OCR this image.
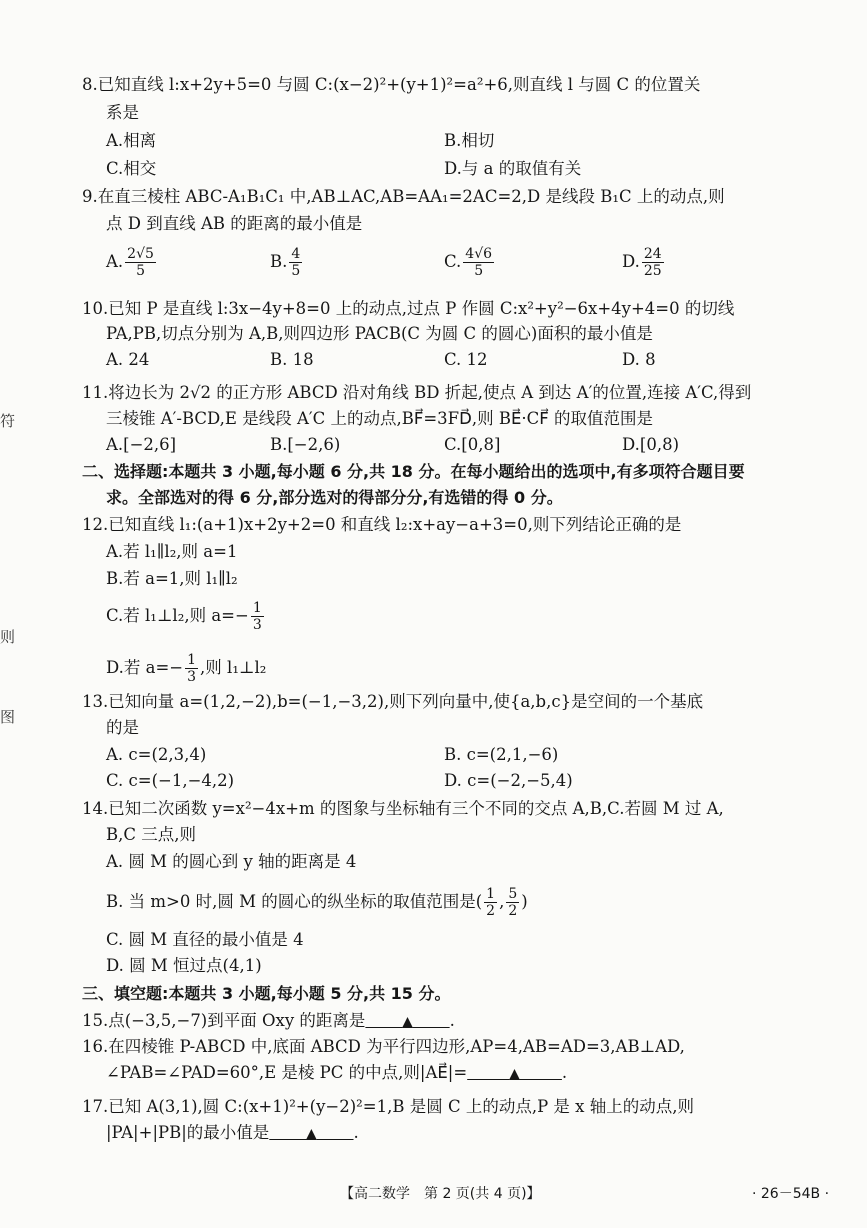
符
则
图
8.已知直线 l:x+2y+5=0 与圆 C:(x−2)²+(y+1)²=a²+6,则直线 l 与圆 C 的位置关
系是
A.相离	B.相切
C.相交	D.与 a 的取值有关
9.在直三棱柱 ABC-A₁B₁C₁ 中,AB⊥AC,AB=AA₁=2AC=2,D 是线段 B₁C 上的动点,则
点 D 到直线 AB 的距离的最小值是
A. $\frac{2√5}{5}$	B. $\frac{4}{5}$	C. $\frac{4√6}{5}$	D. $\frac{24}{25}$
10.已知 P 是直线 l:3x−4y+8=0 上的动点,过点 P 作圆 C:x²+y²−6x+4y+4=0 的切线
PA,PB,切点分别为 A,B,则四边形 PACB(C 为圆 C 的圆心)面积的最小值是
A. 24	B. 18	C. 12	D. 8
11.将边长为 2√2 的正方形 ABCD 沿对角线 BD 折起,使点 A 到达 A′的位置,连接 A′C,得到
三棱锥 A′-BCD,E 是线段 A′C 上的动点,BF⃗=3FD⃗,则 BE⃗·CF⃗ 的取值范围是
A.[−2,6]	B.[−2,6)	C.[0,8]	D.[0,8)
二、选择题:本题共 3 小题,每小题 6 分,共 18 分。在每小题给出的选项中,有多项符合题目要
求。全部选对的得 6 分,部分选对的得部分分,有选错的得 0 分。
12.已知直线 l₁:(a+1)x+2y+2=0 和直线 l₂:x+ay−a+3=0,则下列结论正确的是
A.若 l₁∥l₂,则 a=1
B.若 a=1,则 l₁∥l₂
C.若 l₁⊥l₂,则 $a=- \frac{1}{3}$
D.若 $a=- \frac{1}{3}$ ,则 l₁⊥l₂
13.已知向量 a=(1,2,−2),b=(−1,−3,2),则下列向量中,使{a,b,c}是空间的一个基底
的是
A. c=(2,3,4)	B. c=(2,1,−6)
C. c=(−1,−4,2)	D. c=(−2,−5,4)
14.已知二次函数 y=x²−4x+m 的图象与坐标轴有三个不同的交点 A,B,C.若圆 M 过 A,
B,C 三点,则
A. 圆 M 的圆心到 y 轴的距离是 4
B. 当 m>0 时,圆 M 的圆心的纵坐标的取值范围是( $\frac{1}{2}$ , $\frac{5}{2}$ )
C. 圆 M 直径的最小值是 4
D. 圆 M 恒过点(4,1)
三、填空题:本题共 3 小题,每小题 5 分,共 15 分。
15.点(−3,5,−7)到平面 Oxy 的距离是	▲ .
16.在四棱锥 P-ABCD 中,底面 ABCD 为平行四边形,AP=4,AB=AD=3,AB⊥AD,
∠PAB=∠PAD=60°,E 是棱 PC 的中点,则|AE⃗|=	▲	.
17.已知 A(3,1),圆 C:(x+1)²+(y−2)²=1,B 是圆 C 上的动点,P 是 x 轴上的动点,则
|PA|+|PB|的最小值是	▲ .
【高二数学　第 2 页(共 4 页)】	· 26－54B ·
